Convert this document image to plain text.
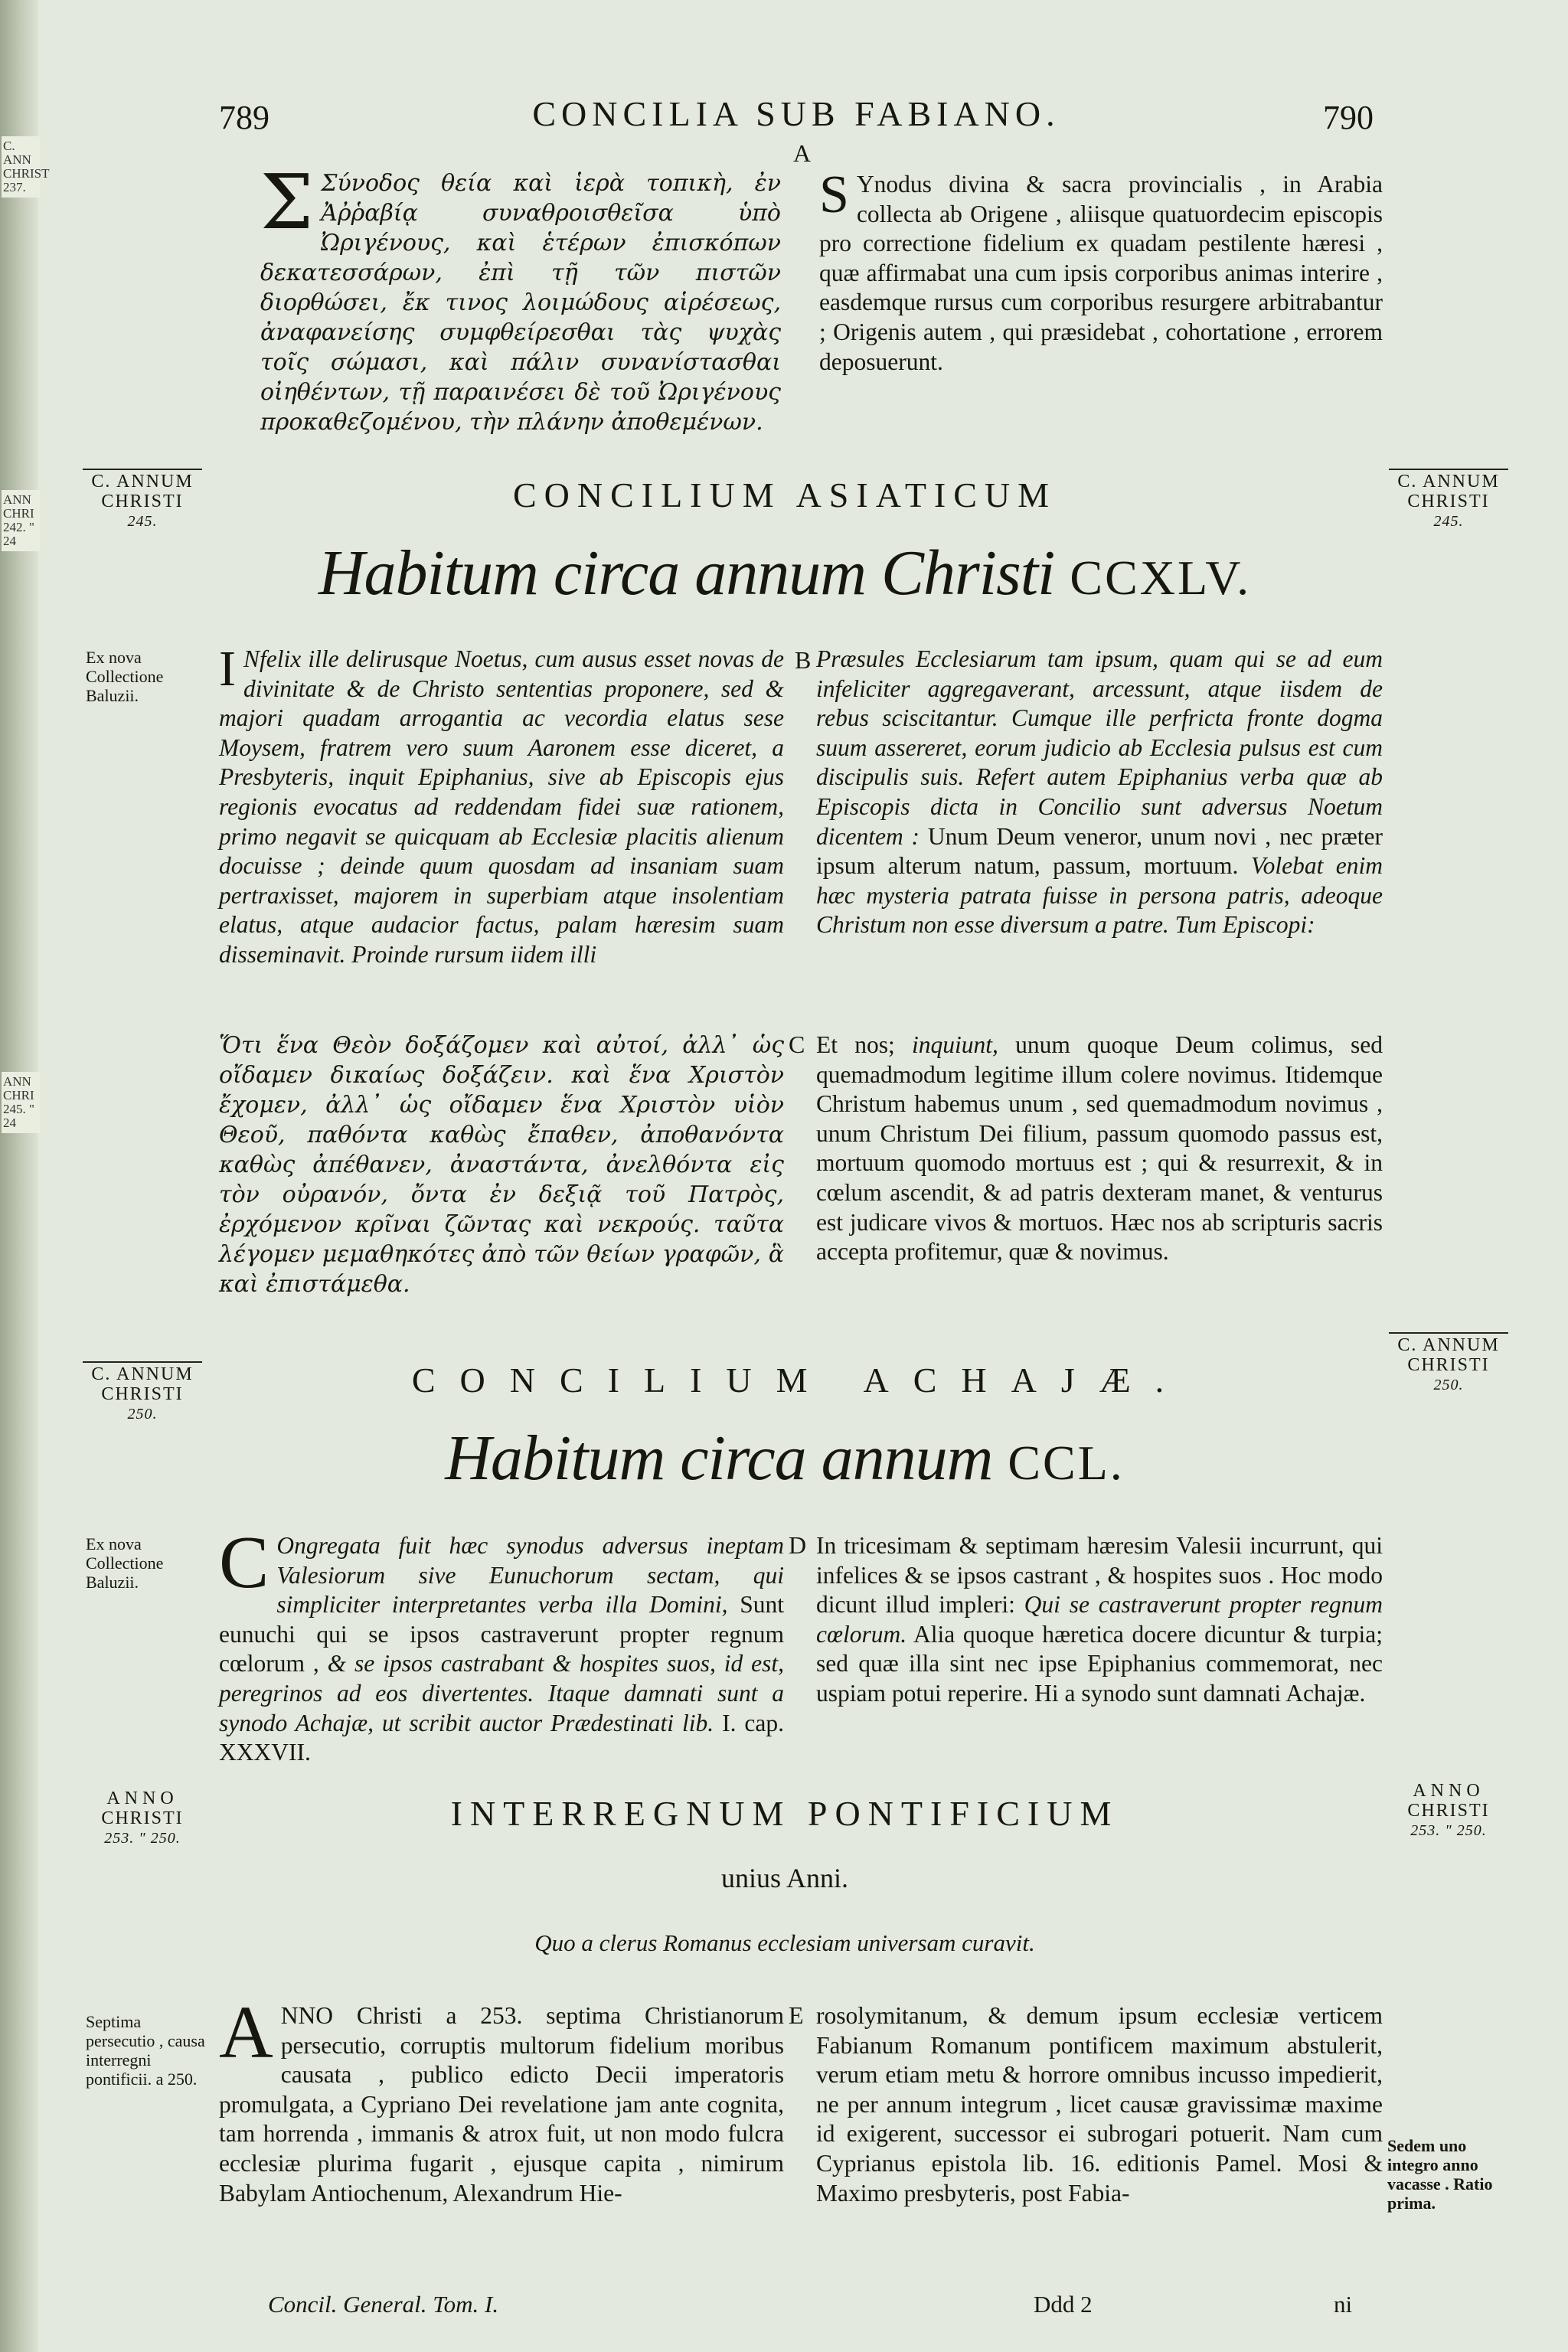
C. ANN CHRIST 237.
ANN CHRI 242. " 24
ANN CHRI 245. " 24
789	CONCILIA SUB FABIANO.	790
A

Σ Σύνοδος θεία καὶ ἱερὰ τοπικὴ, ἐν Ἀῤῥαβίᾳ συναθροισθεῖσα ὑπὸ Ὠριγένους, καὶ ἑτέρων ἐπισκόπων δεκατεσσάρων, ἐπὶ τῇ τῶν πιστῶν διορθώσει, ἔκ τινος λοιμώδους αἱρέσεως, ἀναφανείσης συμφθείρεσθαι τὰς ψυχὰς τοῖς σώμασι, καὶ πάλιν συνανίστασθαι οἰηθέντων, τῇ παραινέσει δὲ τοῦ Ὠριγένους προκαθεζομένου, τὴν πλάνην ἀποθεμένων.

S Ynodus divina & sacra provincialis , in Arabia collecta ab Origene , aliisque quatuordecim episcopis pro correctione fidelium ex quadam pestilente hæresi , quæ affirmabat una cum ipsis corporibus animas interire , easdemque rursus cum corporibus resurgere arbitrabantur ; Origenis autem , qui præsidebat , cohortatione , errorem deposuerunt.

C. ANNUM
CHRISTI
245.
C. ANNUM
CHRISTI
245.
CONCILIUM ASIATICUM
Habitum circa annum Christi CCXLV.
Ex nova Collectione Baluzii.	I Nfelix ille delirusque Noetus, cum ausus esset novas de divinitate & de Christo sententias proponere, sed & majori quadam arrogantia ac vecordia elatus sese Moysem, fratrem vero suum Aaronem esse diceret, a Presbyteris, inquit Epiphanius, sive ab Episcopis ejus regionis evocatus ad reddendam fidei suæ rationem, primo negavit se quicquam ab Ecclesiæ placitis alienum docuisse ; deinde quum quosdam ad insaniam suam pertraxisset, majorem in superbiam atque insolentiam elatus, atque audacior factus, palam hæresim suam disseminavit. Proinde rursum iidem illi

B Præsules Ecclesiarum tam ipsum, quam qui se ad eum infeliciter aggregaverant, arcessunt, atque iisdem de rebus sciscitantur. Cumque ille perfricta fronte dogma suum assereret, eorum judicio ab Ecclesia pulsus est cum discipulis suis. Refert autem Epiphanius verba quæ ab Episcopis dicta in Concilio sunt adversus Noetum dicentem : Unum Deum veneror, unum novi , nec præter ipsum alterum natum, passum, mortuum. Volebat enim hæc mysteria patrata fuisse in persona patris, adeoque Christum non esse diversum a patre. Tum Episcopi:

Ὅτι ἕνα Θεὸν δοξάζομεν καὶ αὐτοί, ἀλλ᾽ ὡς οἴδαμεν δικαίως δοξάζειν. καὶ ἕνα Χριστὸν ἔχομεν, ἀλλ᾽ ὡς οἴδαμεν ἕνα Χριστὸν υἱὸν Θεοῦ, παθόντα καθὼς ἔπαθεν, ἀποθανόντα καθὼς ἀπέθανεν, ἀναστάντα, ἀνελθόντα εἰς τὸν οὐρανόν, ὄντα ἐν δεξιᾷ τοῦ Πατρὸς, ἐρχόμενον κρῖναι ζῶντας καὶ νεκρούς. ταῦτα λέγομεν μεμαθηκότες ἀπὸ τῶν θείων γραφῶν, ἃ καὶ ἐπιστάμεθα.

C Et nos; inquiunt, unum quoque Deum colimus, sed quemadmodum legitime illum colere novimus. Itidemque Christum habemus unum , sed quemadmodum novimus , unum Christum Dei filium, passum quomodo passus est, mortuum quomodo mortuus est ; qui & resurrexit, & in cœlum ascendit, & ad patris dexteram manet, & venturus est judicare vivos & mortuos. Hæc nos ab scripturis sacris accepta profitemur, quæ & novimus.

C. ANNUM
CHRISTI
250.
C. ANNUM
CHRISTI
250.
CONCILIUM ACHAJÆ.
Habitum circa annum CCL.
Ex nova Collectione Baluzii.	C Ongregata fuit hæc synodus adversus ineptam Valesiorum sive Eunuchorum sectam, qui simpliciter interpretantes verba illa Domini, Sunt eunuchi qui se ipsos castraverunt propter regnum cœlorum , & se ipsos castrabant & hospites suos, id est, peregrinos ad eos divertentes. Itaque damnati sunt a synodo Achajæ, ut scribit auctor Prædestinati lib. I. cap. XXXVII.

D In tricesimam & septimam hæresim Valesii incurrunt, qui infelices & se ipsos castrant , & hospites suos . Hoc modo dicunt illud impleri: Qui se castraverunt propter regnum cœlorum. Alia quoque hæretica docere dicuntur & turpia; sed quæ illa sint nec ipse Epiphanius commemorat, nec uspiam potui reperire. Hi a synodo sunt damnati Achajæ.

ANNO
CHRISTI
253. " 250.
ANNO
CHRISTI
253. " 250.
INTERREGNUM PONTIFICIUM
unius Anni.
Quo a clerus Romanus ecclesiam universam curavit.
Septima persecutio , causa interregni pontificii. a 250.

ANNO Christi a 253. septima Christianorum persecutio, corruptis multorum fidelium moribus causata , publico edicto Decii imperatoris promulgata, a Cypriano Dei revelatione jam ante cognita, tam horrenda , immanis & atrox fuit, ut non modo fulcra ecclesiæ plurima fugarit , ejusque capita , nimirum Babylam Antiochenum, Alexandrum Hie-

E rosolymitanum, & demum ipsum ecclesiæ verticem Fabianum Romanum pontificem maximum abstulerit, verum etiam metu & horrore omnibus incusso impedierit, ne per annum integrum , licet causæ gravissimæ maxime id exigerent, successor ei subrogari potuerit. Nam cum Cyprianus epistola lib. 16. editionis Pamel. Mosi & Maximo presbyteris, post Fabia-

Sedem uno integro anno vacasse . Ratio prima.
Concil. General. Tom. I.	Ddd 2	ni
